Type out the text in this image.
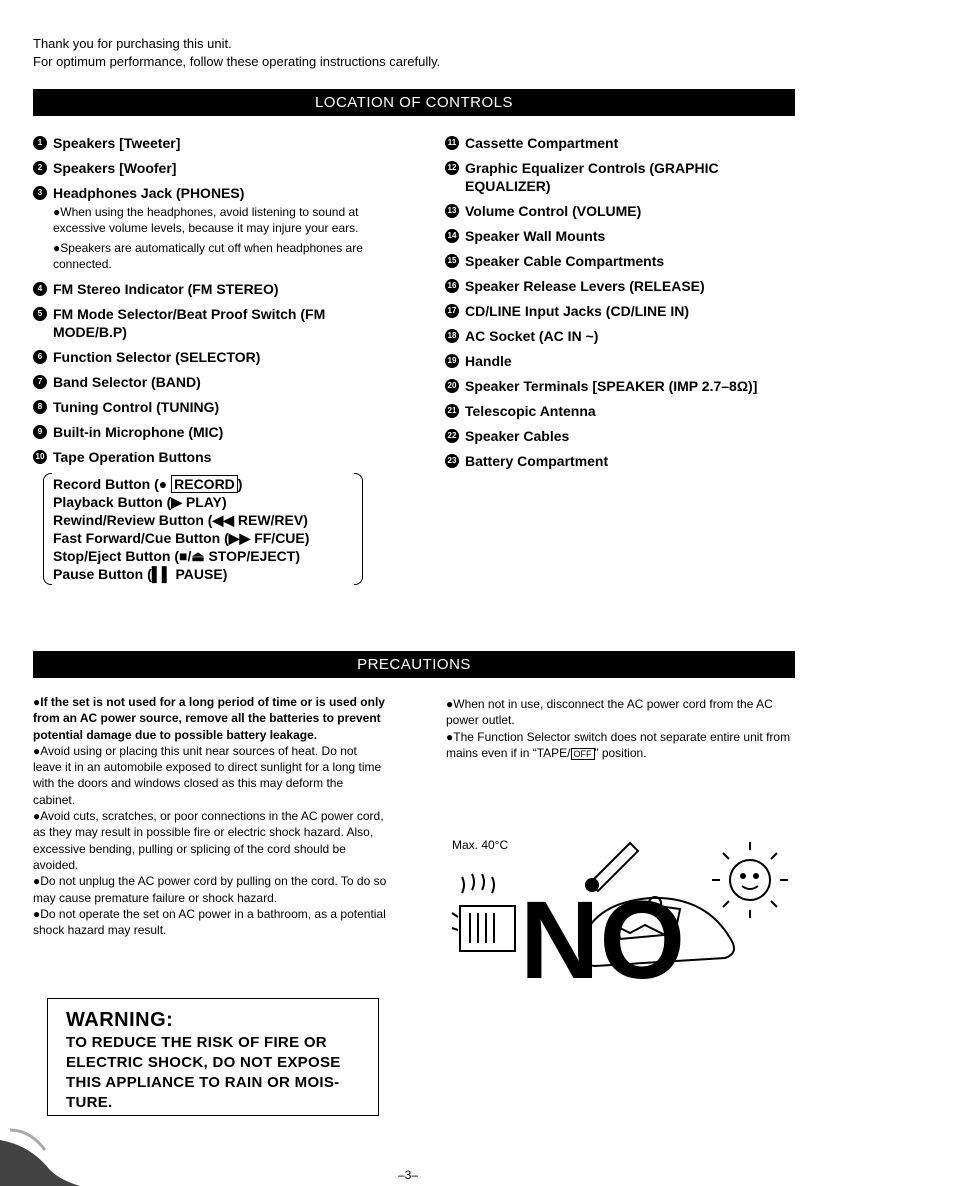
Thank you for purchasing this unit.
For optimum performance, follow these operating instructions carefully.
LOCATION OF CONTROLS
1 Speakers [Tweeter]
2 Speakers [Woofer]
3 Headphones Jack (PHONES)
●When using the headphones, avoid listening to sound at excessive volume levels, because it may injure your ears.
●Speakers are automatically cut off when headphones are connected.
4 FM Stereo Indicator (FM STEREO)
5 FM Mode Selector/Beat Proof Switch (FM MODE/B.P)
6 Function Selector (SELECTOR)
7 Band Selector (BAND)
8 Tuning Control (TUNING)
9 Built-in Microphone (MIC)
10 Tape Operation Buttons
Record Button (● RECORD )
Playback Button (▶ PLAY)
Rewind/Review Button (◀◀ REW/REV)
Fast Forward/Cue Button (▶▶ FF/CUE)
Stop/Eject Button (■/⏏ STOP/EJECT)
Pause Button (▌▌ PAUSE)
11 Cassette Compartment
12 Graphic Equalizer Controls (GRAPHIC EQUALIZER)
13 Volume Control (VOLUME)
14 Speaker Wall Mounts
15 Speaker Cable Compartments
16 Speaker Release Levers (RELEASE)
17 CD/LINE Input Jacks (CD/LINE IN)
18 AC Socket (AC IN ~)
19 Handle
20 Speaker Terminals [SPEAKER (IMP 2.7–8Ω)]
21 Telescopic Antenna
22 Speaker Cables
23 Battery Compartment
PRECAUTIONS

●If the set is not used for a long period of time or is used only from an AC power source, remove all the batteries to prevent potential damage due to possible battery leakage.

●Avoid using or placing this unit near sources of heat. Do not leave it in an automobile exposed to direct sunlight for a long time with the doors and windows closed as this may deform the cabinet.

●Avoid cuts, scratches, or poor connections in the AC power cord, as they may result in possible fire or electric shock hazard. Also, excessive bending, pulling or splicing of the cord should be avoided.

●Do not unplug the AC power cord by pulling on the cord. To do so may cause premature failure or shock hazard.

●Do not operate the set on AC power in a bathroom, as a potential shock hazard may result.

●When not in use, disconnect the AC power cord from the AC power outlet.

●The Function Selector switch does not separate entire unit from mains even if in “TAPE/ OFF ” position.

Max. 40°C
NO
WARNING:
TO REDUCE THE RISK OF FIRE OR ELECTRIC SHOCK, DO NOT EXPOSE THIS APPLIANCE TO RAIN OR MOIS-TURE.
–3–
